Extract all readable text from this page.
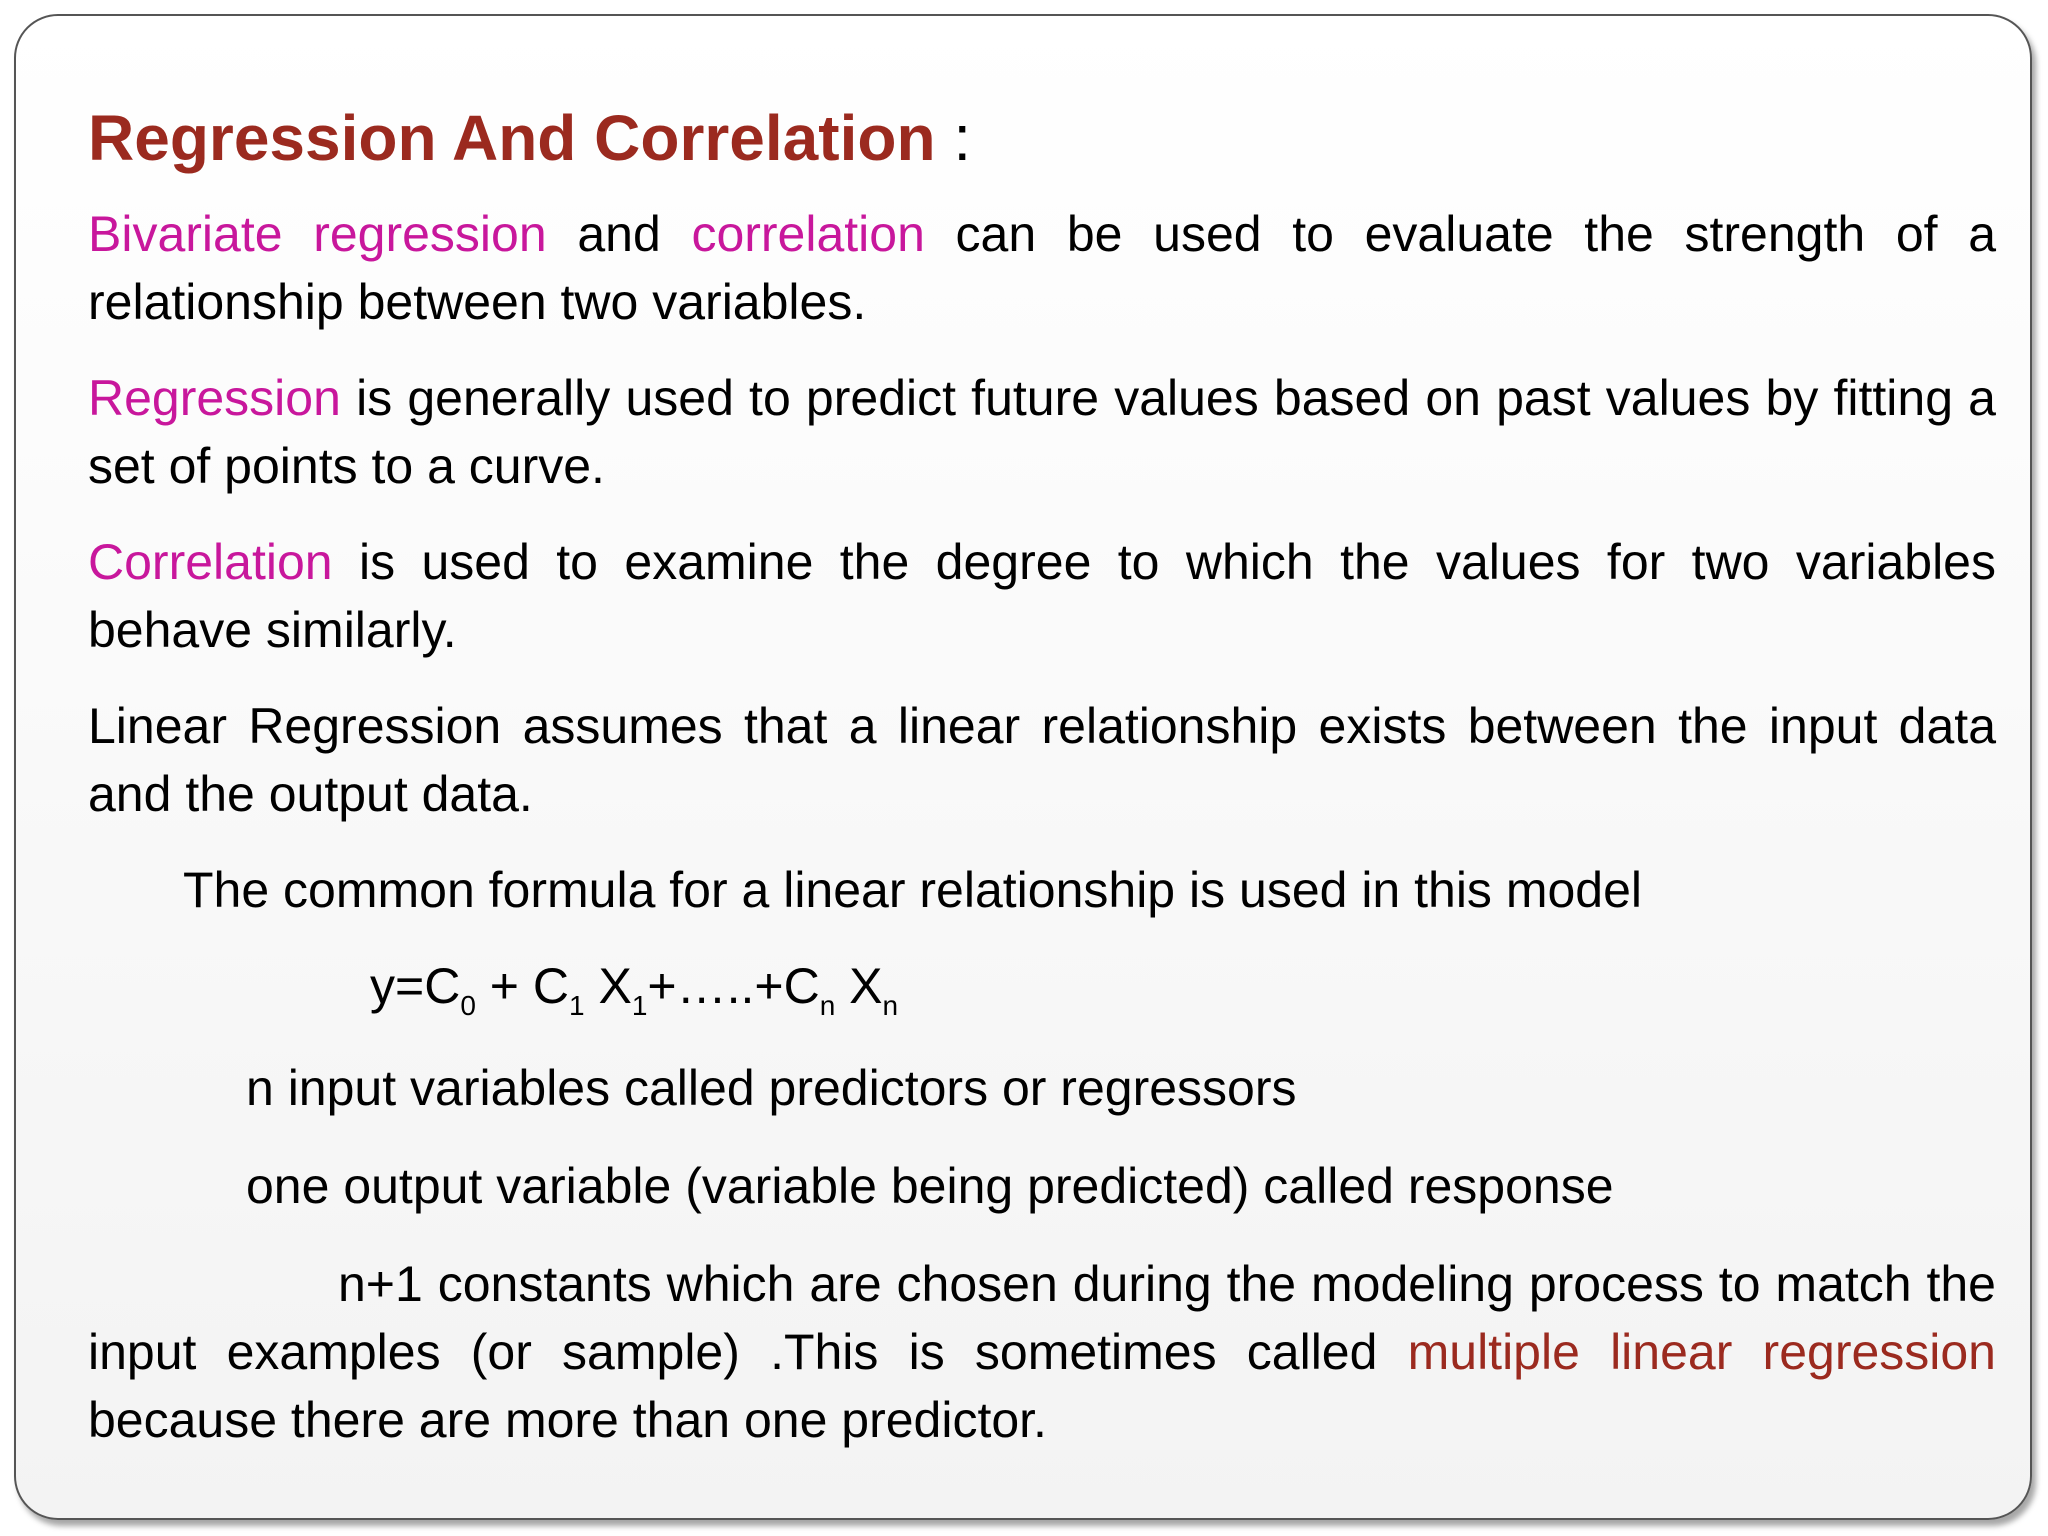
Regression And Correlation :

Bivariate regression and correlation can be used to evaluate the strength of a relationship between two variables.

Regression is generally used to predict future values based on past values by fitting a set of points to a curve.

Correlation is used to examine the degree to which the values for two variables behave similarly.

Linear Regression assumes that a linear relationship exists between the input data and the output data.

The common formula for a linear relationship is used in this model
$y=C_0 + C_1$ $X_1+\dots..+C_n$ $X_n$
n input variables called predictors or regressors
one output variable (variable being predicted) called response

n+1 constants which are chosen during the modeling process to match the input examples (or sample) .This is sometimes called multiple linear regression because there are more than one predictor.
